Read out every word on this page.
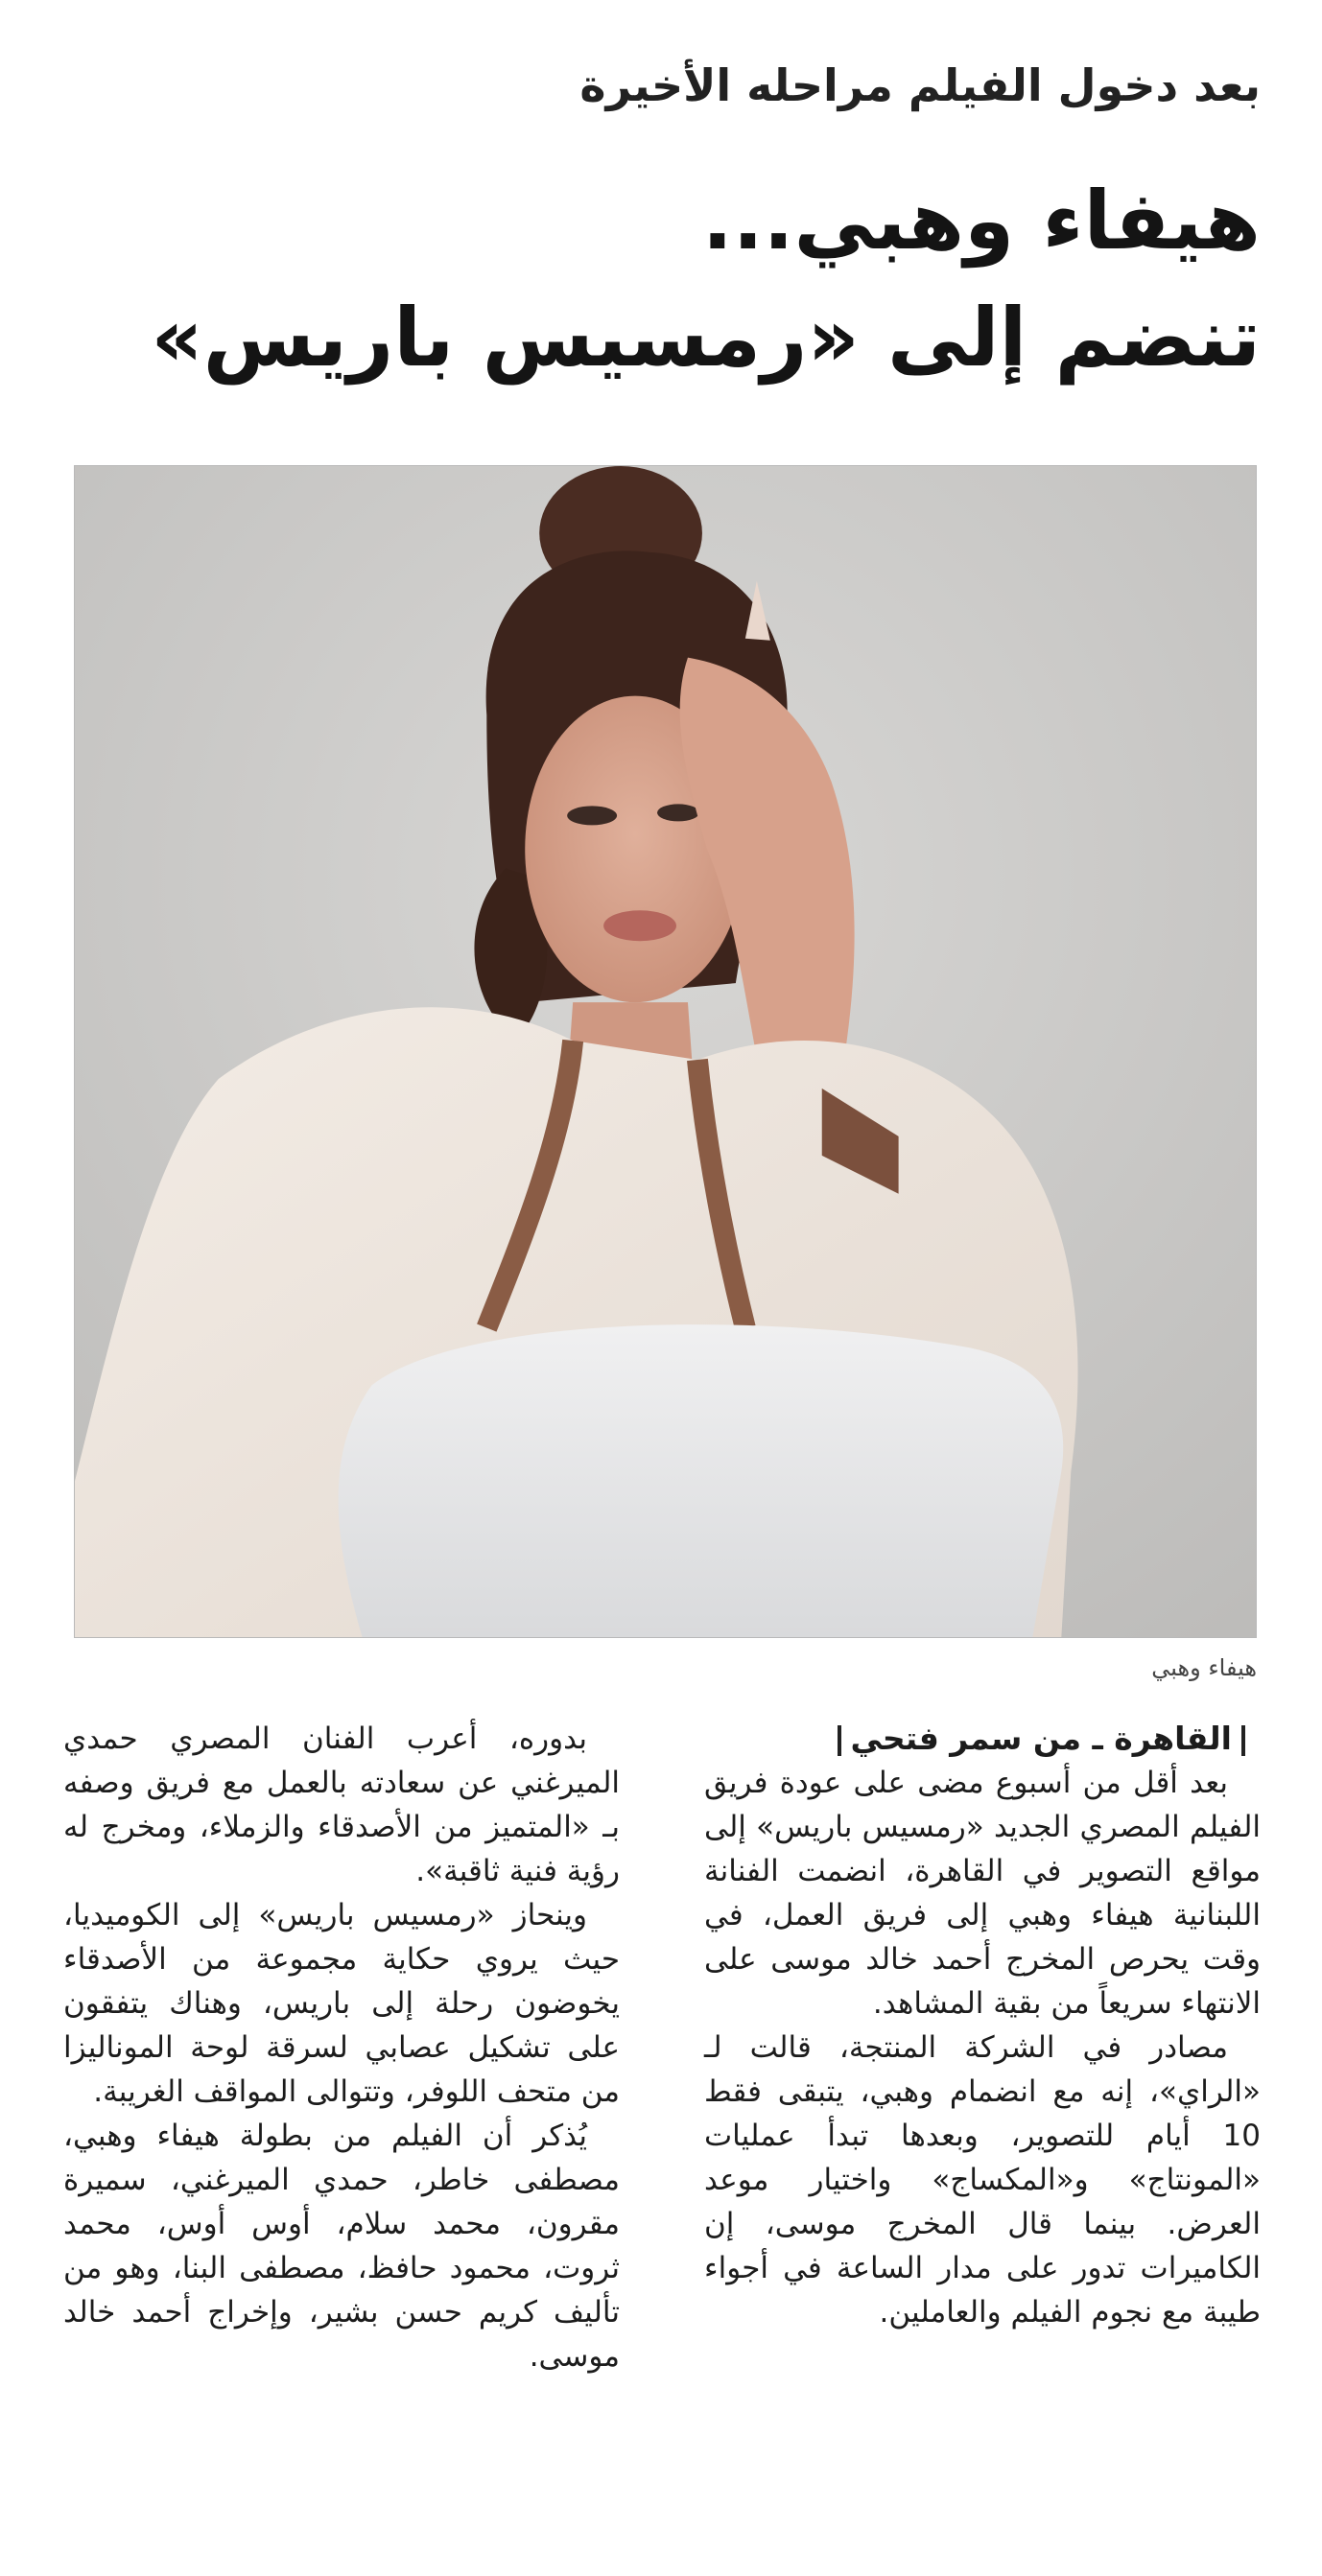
بعد دخول الفيلم مراحله الأخيرة
هيفاء وهبي...
تنضم إلى «رمسيس باريس»
هيفاء وهبي

القاهرة ـ من سمر فتحي

بعد أقل من أسبوع مضى على عودة فريق الفيلم المصري الجديد «رمسيس باريس» إلى مواقع التصوير في القاهرة، انضمت الفنانة اللبنانية هيفاء وهبي إلى فريق العمل، في وقت يحرص المخرج أحمد خالد موسى على الانتهاء سريعاً من بقية المشاهد.

مصادر في الشركة المنتجة، قالت لـ «الراي»، إنه مع انضمام وهبي، يتبقى فقط 10 أيام للتصوير، وبعدها تبدأ عمليات «المونتاج» و«المكساج» واختيار موعد العرض. بينما قال المخرج موسى، إن الكاميرات تدور على مدار الساعة في أجواء طيبة مع نجوم الفيلم والعاملين.

بدوره، أعرب الفنان المصري حمدي الميرغني عن سعادته بالعمل مع فريق وصفه بـ «المتميز من الأصدقاء والزملاء، ومخرج له رؤية فنية ثاقبة».

وينحاز «رمسيس باريس» إلى الكوميديا، حيث يروي حكاية مجموعة من الأصدقاء يخوضون رحلة إلى باريس، وهناك يتفقون على تشكيل عصابي لسرقة لوحة الموناليزا من متحف اللوفر، وتتوالى المواقف الغريبة.

يُذكر أن الفيلم من بطولة هيفاء وهبي، مصطفى خاطر، حمدي الميرغني، سميرة مقرون، محمد سلام، أوس أوس، محمد ثروت، محمود حافظ، مصطفى البنا، وهو من تأليف كريم حسن بشير، وإخراج أحمد خالد موسى.
